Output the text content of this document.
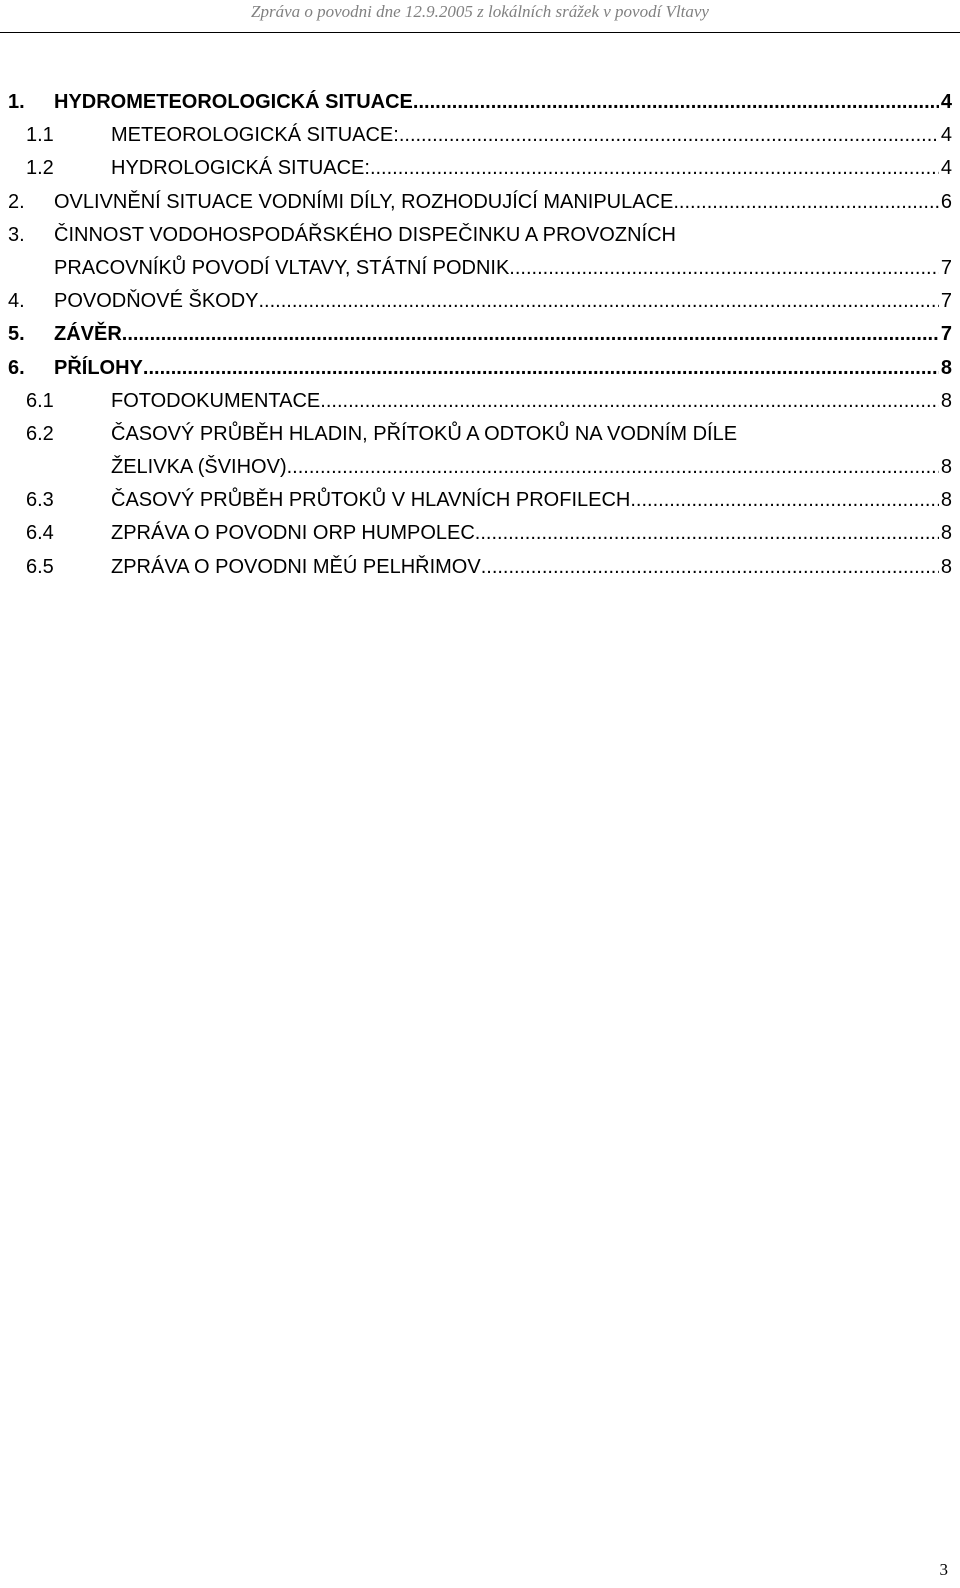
Zpráva o povodni dne 12.9.2005 z lokálních srážek v povodí Vltavy
1. HYDROMETEOROLOGICKÁ SITUACE .....	4
1.1	METEOROLOGICKÁ SITUACE: .....	4
1.2	HYDROLOGICKÁ SITUACE: .....	4
2. OVLIVNĚNÍ SITUACE VODNÍMI DÍLY, ROZHODUJÍCÍ MANIPULACE .....	6
3. ČINNOST VODOHOSPODÁŘSKÉHO DISPEČINKU A PROVOZNÍCH
PRACOVNÍKŮ POVODÍ VLTAVY, STÁTNÍ PODNIK .....	7
4. POVODŇOVÉ ŠKODY .....	7
5. ZÁVĚR .....	7
6. PŘÍLOHY .....	8
6.1	FOTODOKUMENTACE .....	8
6.2	ČASOVÝ PRŮBĚH HLADIN, PŘÍTOKŮ A ODTOKŮ NA VODNÍM DÍLE
ŽELIVKA (ŠVIHOV) .....	8
6.3	ČASOVÝ PRŮBĚH PRŮTOKŮ V HLAVNÍCH PROFILECH .....	8
6.4	ZPRÁVA O POVODNI ORP HUMPOLEC .....	8
6.5	ZPRÁVA O POVODNI MĚÚ PELHŘIMOV .....	8
3
